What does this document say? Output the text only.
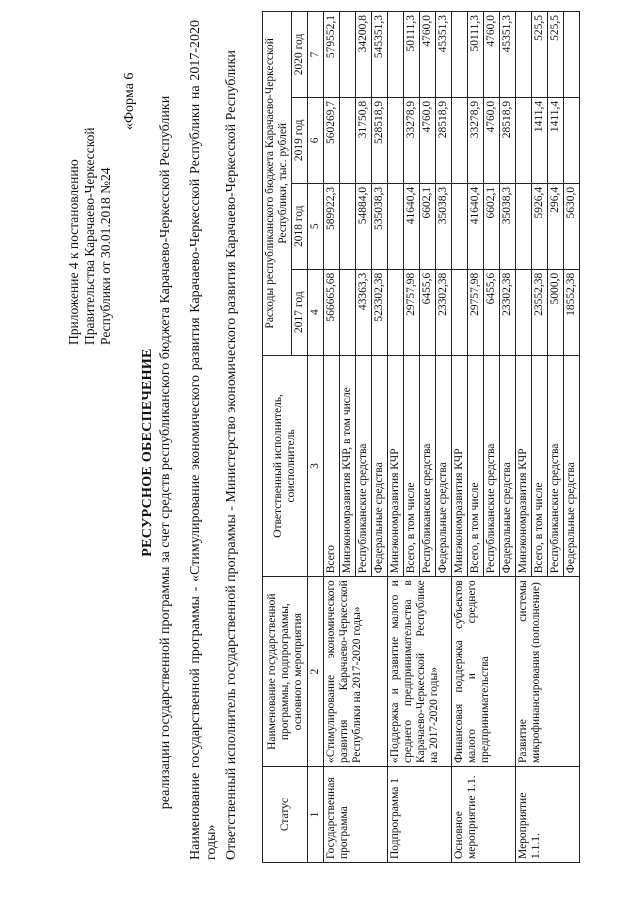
Приложение 4 к постановлению Правительства Карачаево-Черкесской Республики от 30.01.2018 №24
«Форма 6
РЕСУРСНОЕ ОБЕСПЕЧЕНИЕ реализации государственной программы за счет средств республиканского бюджета Карачаево-Черкесской Республики Наименование государственной программы - «Стимулирование экономического развития Карачаево-Черкесской Республики на 2017-2020 годы» Ответственный исполнитель государственной программы - Министерство экономического развития Карачаево-Черкесской Республики	Статус	Наименование государственной программы, подпрограммы, основного мероприятия	Ответственный исполнитель, соисполнитель	Расходы республиканского бюджета Карачаево-Черкесской Республики, тыс. рублей			
			2017 год	2018 год	2019 год	2020 год
1	2	3	4	5	6	7
Государственная программа	«Стимулирование экономического развития Карачаево-Черкесской Республики на 2017-2020 годы»	Всего	566665,68	589922,3	560269,7	579552,1
		Минэкономразвития КЧР, в том числе				
		Республиканские средства	43363,3	54884,0	31750,8	34200,8
		Федеральные средства	523302,38	535038,3	528518,9	545351,3
Подпрограмма 1	«Поддержка и развитие малого и среднего предпринимательства в Карачаево-Черкесской Республике на 2017-2020 годы»	Минэкономразвития КЧР				
		Всего, в том числе	29757,98	41640,4	33278,9	50111,3
		Республиканские средства	6455,6	6602,1	4760,0	4760,0
		Федеральные средства	23302,38	35038,3	28518,9	45351,3
Основное мероприятие 1.1.	Финансовая поддержка субъектов малого и среднего предпринимательства	Минэкономразвития КЧР				
		Всего, в том числе	29757,98	41640,4	33278,9	50111,3
		Республиканские средства	6455,6	6602,1	4760,0	4760,0
		Федеральные средства	23302,38	35038,3	28518,9	45351,3
Мероприятие 1.1.1.	Развитие системы микрофинансирования (пополнение)	Минэкономразвития КЧР				
		Всего, в том числе	23552,38	5926,4	1411,4	525,5
		Республиканские средства	5000,0	296,4	1411,4	525,5
		Федеральные средства	18552,38	5630,0		
